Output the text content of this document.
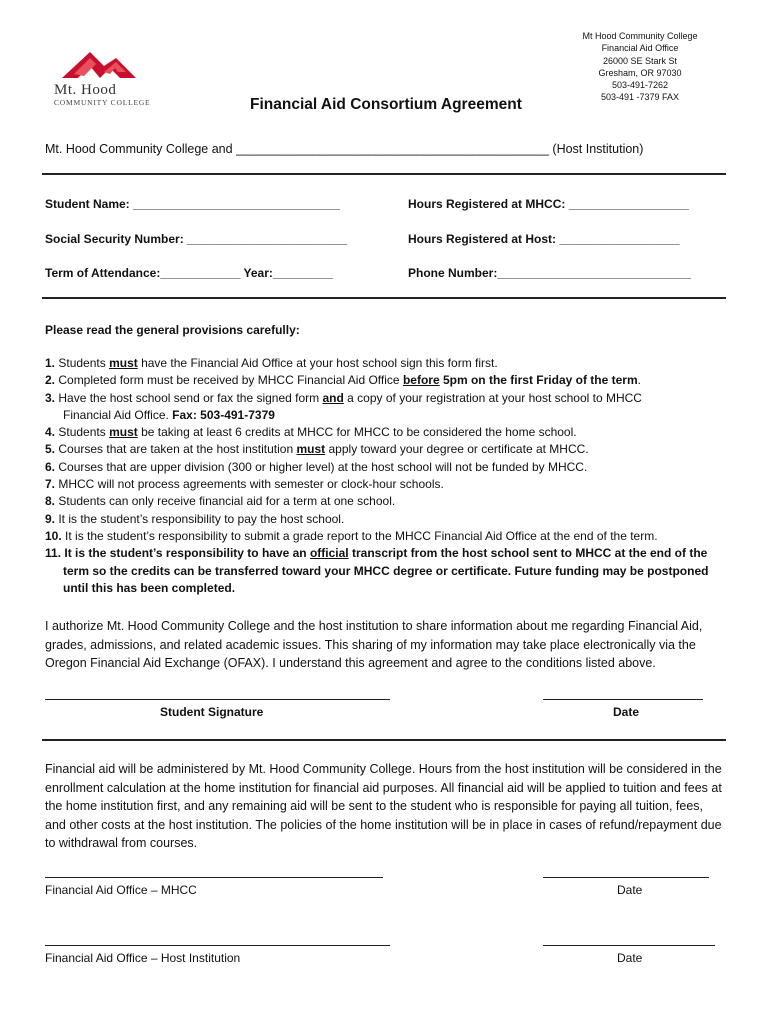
Mt. Hood
COMMUNITY COLLEGE
Mt Hood Community College
Financial Aid Office
26000 SE Stark St
Gresham, OR 97030
503-491-7262
503-491 -7379 FAX
Financial Aid Consortium Agreement
Mt. Hood Community College and _____________________________________________ (Host Institution)
Student Name: _______________________________	Hours Registered at MHCC: __________________
Social Security Number: ________________________	Hours Registered at Host: __________________
Term of Attendance:____________ Year:_________	Phone Number:_____________________________
Please read the general provisions carefully:
1. Students must have the Financial Aid Office at your host school sign this form first.
2. Completed form must be received by MHCC Financial Aid Office before 5pm on the first Friday of the term.
3. Have the host school send or fax the signed form and a copy of your registration at your host school to MHCC
Financial Aid Office. Fax: 503-491-7379
4. Students must be taking at least 6 credits at MHCC for MHCC to be considered the home school.
5. Courses that are taken at the host institution must apply toward your degree or certificate at MHCC.
6. Courses that are upper division (300 or higher level) at the host school will not be funded by MHCC.
7. MHCC will not process agreements with semester or clock-hour schools.
8. Students can only receive financial aid for a term at one school.
9. It is the student’s responsibility to pay the host school.
10. It is the student’s responsibility to submit a grade report to the MHCC Financial Aid Office at the end of the term.
11. It is the student’s responsibility to have an official transcript from the host school sent to MHCC at the end of the
term so the credits can be transferred toward your MHCC degree or certificate. Future funding may be postponed
until this has been completed.
I authorize Mt. Hood Community College and the host institution to share information about me regarding Financial Aid, grades, admissions, and related academic issues. This sharing of my information may take place electronically via the Oregon Financial Aid Exchange (OFAX). I understand this agreement and agree to the conditions listed above.
Student Signature	Date
Financial aid will be administered by Mt. Hood Community College. Hours from the host institution will be considered in the enrollment calculation at the home institution for financial aid purposes. All financial aid will be applied to tuition and fees at the home institution first, and any remaining aid will be sent to the student who is responsible for paying all tuition, fees, and other costs at the host institution. The policies of the home institution will be in place in cases of refund/repayment due to withdrawal from courses.
Financial Aid Office – MHCC	Date
Financial Aid Office – Host Institution	Date
